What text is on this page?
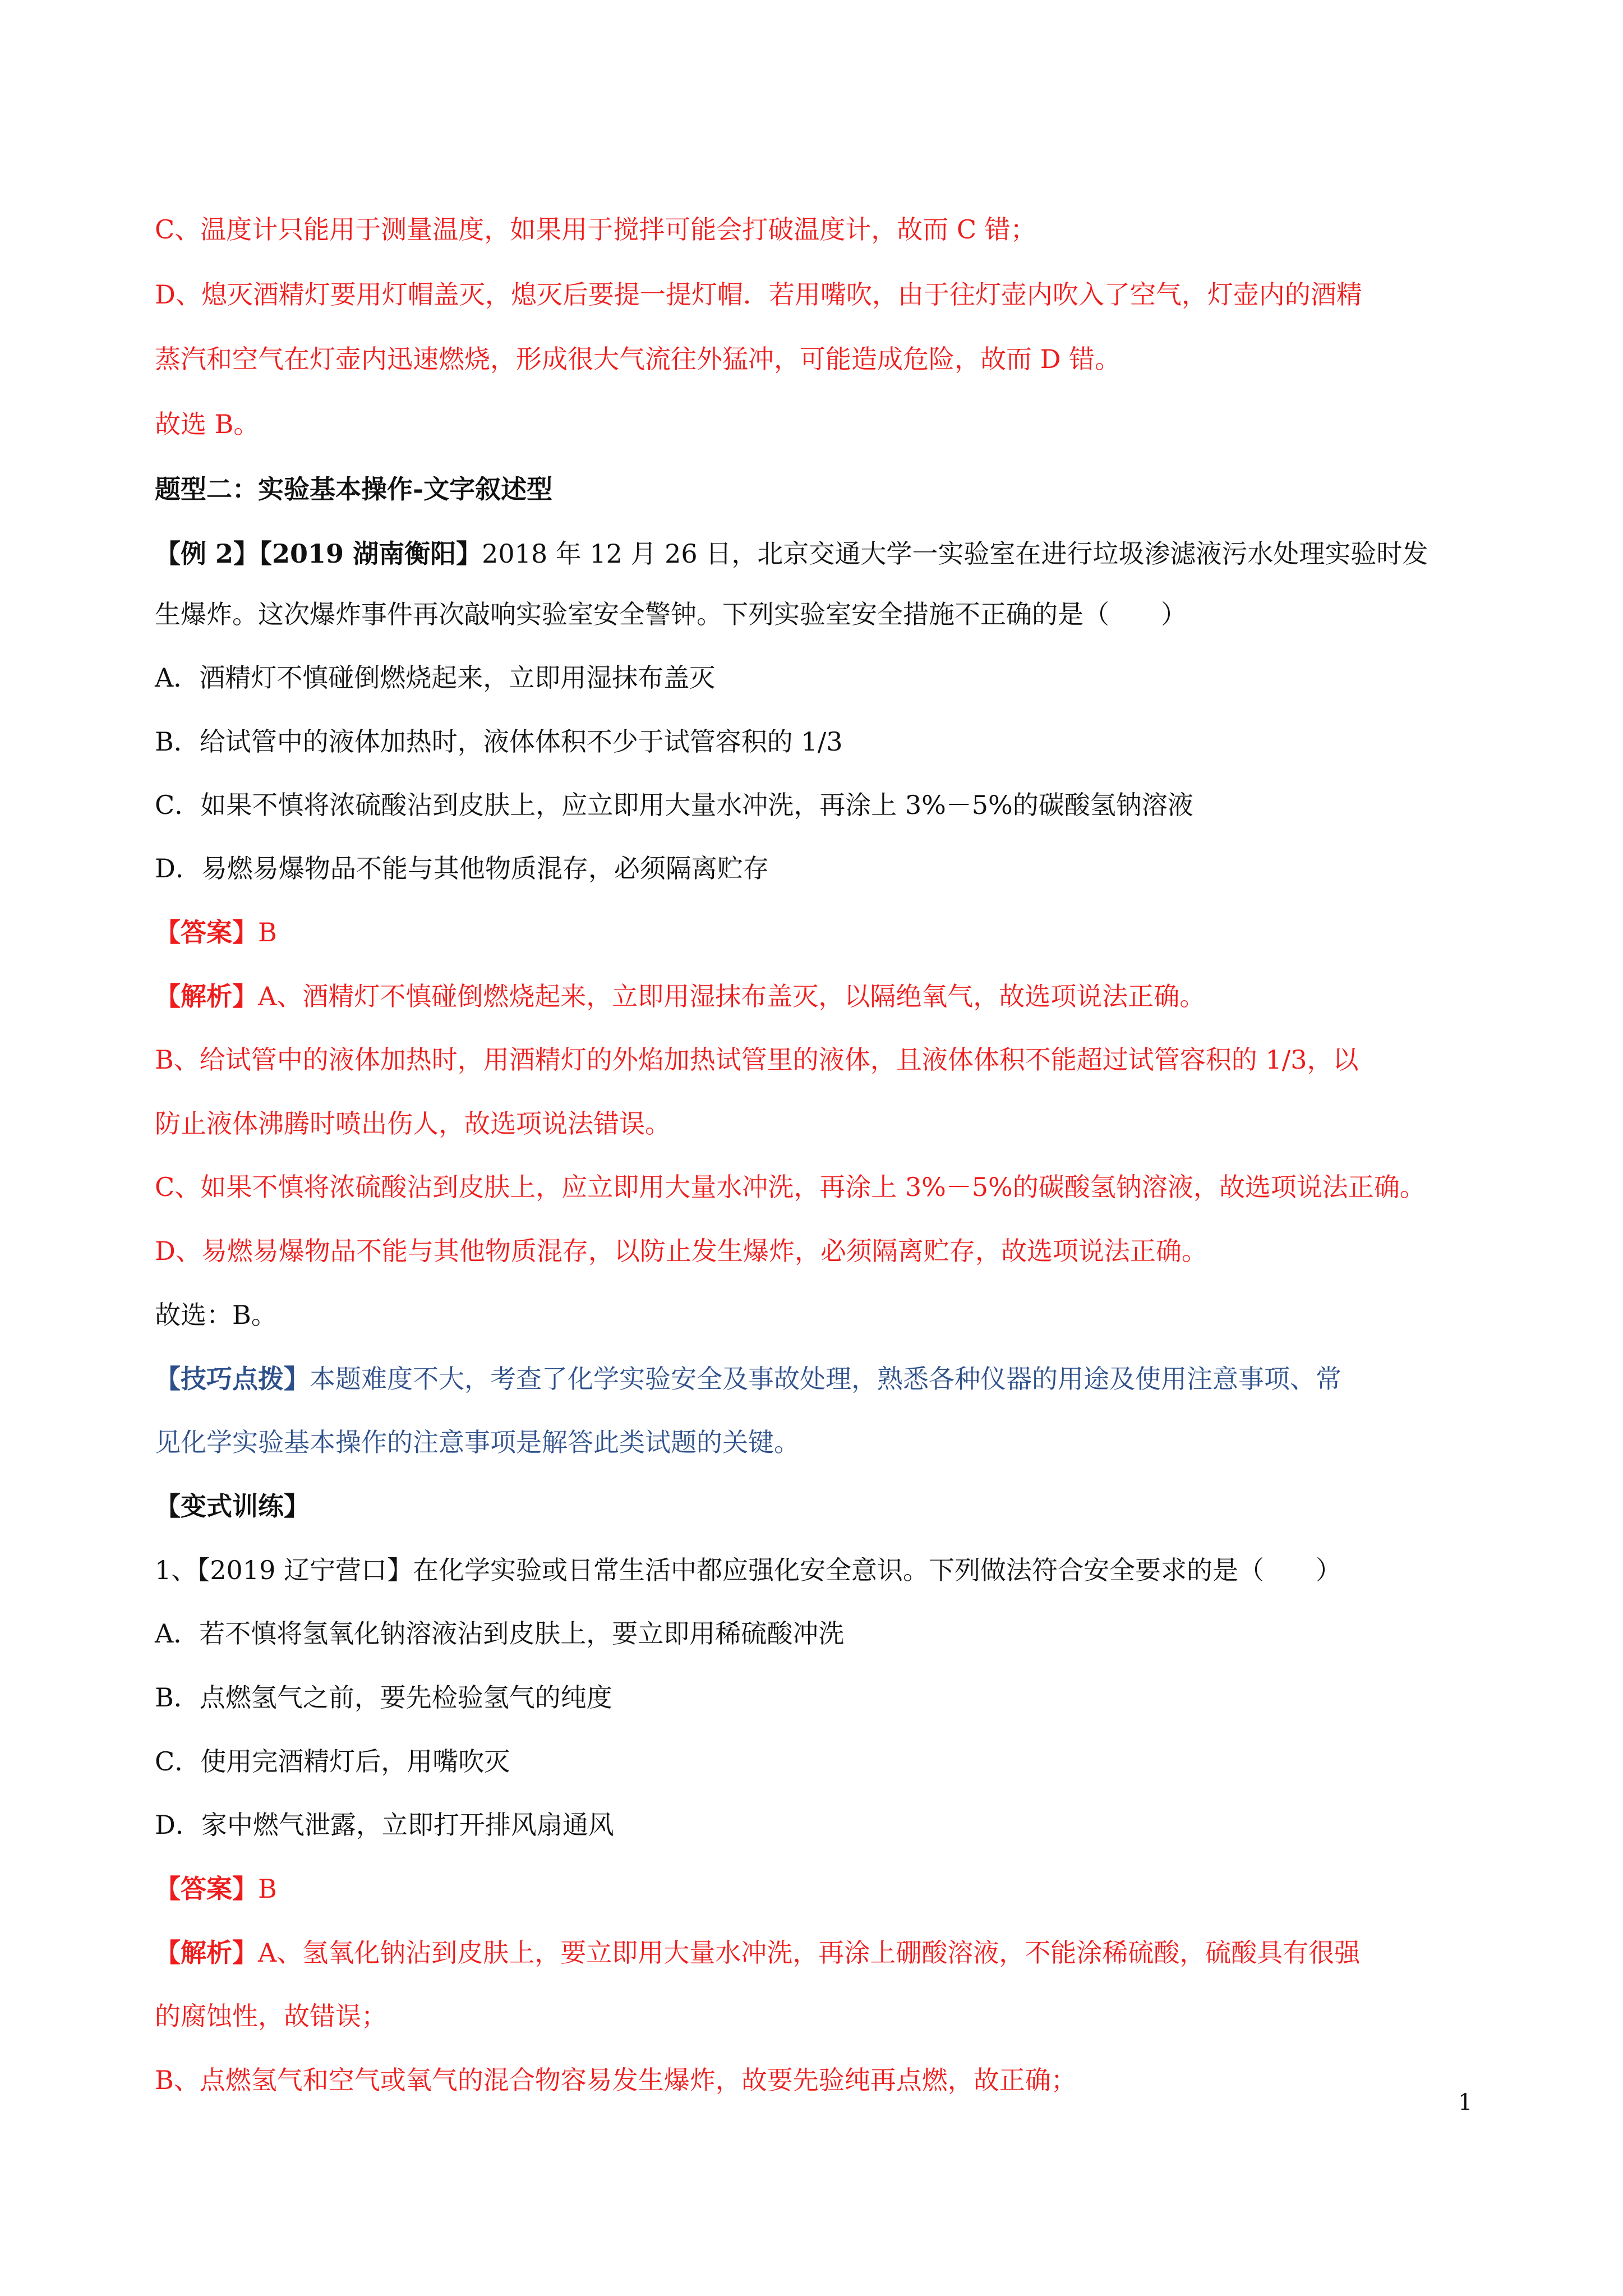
C、温度计只能用于测量温度，如果用于搅拌可能会打破温度计，故而 C 错；

D、熄灭酒精灯要用灯帽盖灭，熄灭后要提一提灯帽．若用嘴吹，由于往灯壶内吹入了空气，灯壶内的酒精

蒸汽和空气在灯壶内迅速燃烧，形成很大气流往外猛冲，可能造成危险，故而 D 错。

故选 B。

题型二：实验基本操作-文字叙述型

【例 2】【2019 湖南衡阳】2018 年 12 月 26 日，北京交通大学一实验室在进行垃圾渗滤液污水处理实验时发

生爆炸。这次爆炸事件再次敲响实验室安全警钟。下列实验室安全措施不正确的是（　　）

A．酒精灯不慎碰倒燃烧起来，立即用湿抹布盖灭

B．给试管中的液体加热时，液体体积不少于试管容积的 1/3

C．如果不慎将浓硫酸沾到皮肤上，应立即用大量水冲洗，再涂上 3%－5%的碳酸氢钠溶液

D．易燃易爆物品不能与其他物质混存，必须隔离贮存

【答案】B

【解析】A、酒精灯不慎碰倒燃烧起来，立即用湿抹布盖灭，以隔绝氧气，故选项说法正确。

B、给试管中的液体加热时，用酒精灯的外焰加热试管里的液体，且液体体积不能超过试管容积的 1/3，以

防止液体沸腾时喷出伤人，故选项说法错误。

C、如果不慎将浓硫酸沾到皮肤上，应立即用大量水冲洗，再涂上 3%－5%的碳酸氢钠溶液，故选项说法正确。

D、易燃易爆物品不能与其他物质混存，以防止发生爆炸，必须隔离贮存，故选项说法正确。

故选：B。

【技巧点拨】本题难度不大，考查了化学实验安全及事故处理，熟悉各种仪器的用途及使用注意事项、常

见化学实验基本操作的注意事项是解答此类试题的关键。

【变式训练】

1、【2019 辽宁营口】在化学实验或日常生活中都应强化安全意识。下列做法符合安全要求的是（　　）

A．若不慎将氢氧化钠溶液沾到皮肤上，要立即用稀硫酸冲洗

B．点燃氢气之前，要先检验氢气的纯度

C．使用完酒精灯后，用嘴吹灭

D．家中燃气泄露，立即打开排风扇通风

【答案】B

【解析】A、氢氧化钠沾到皮肤上，要立即用大量水冲洗，再涂上硼酸溶液，不能涂稀硫酸，硫酸具有很强

的腐蚀性，故错误；

B、点燃氢气和空气或氧气的混合物容易发生爆炸，故要先验纯再点燃，故正确；

1
